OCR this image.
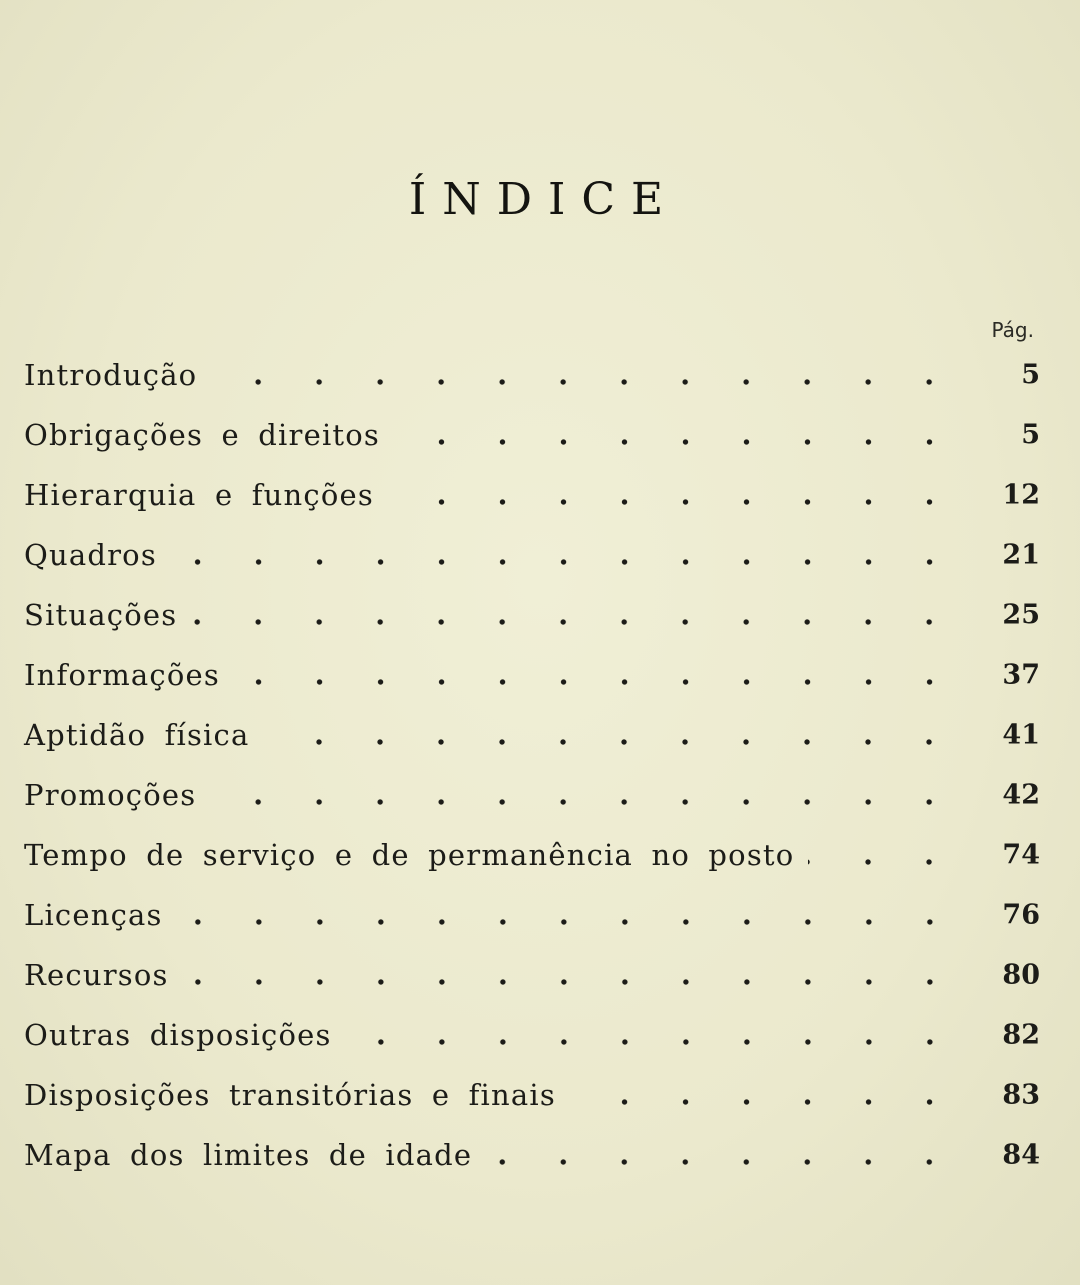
ÍNDICE
Pág.
Introdução	5
Obrigações e direitos	5
Hierarquia e funções	12
Quadros	21
Situações	25
Informações	37
Aptidão física	41
Promoções	42
Tempo de serviço e de permanência no posto	74
Licenças	76
Recursos	80
Outras disposições	82
Disposições transitórias e finais	83
Mapa dos limites de idade	84
